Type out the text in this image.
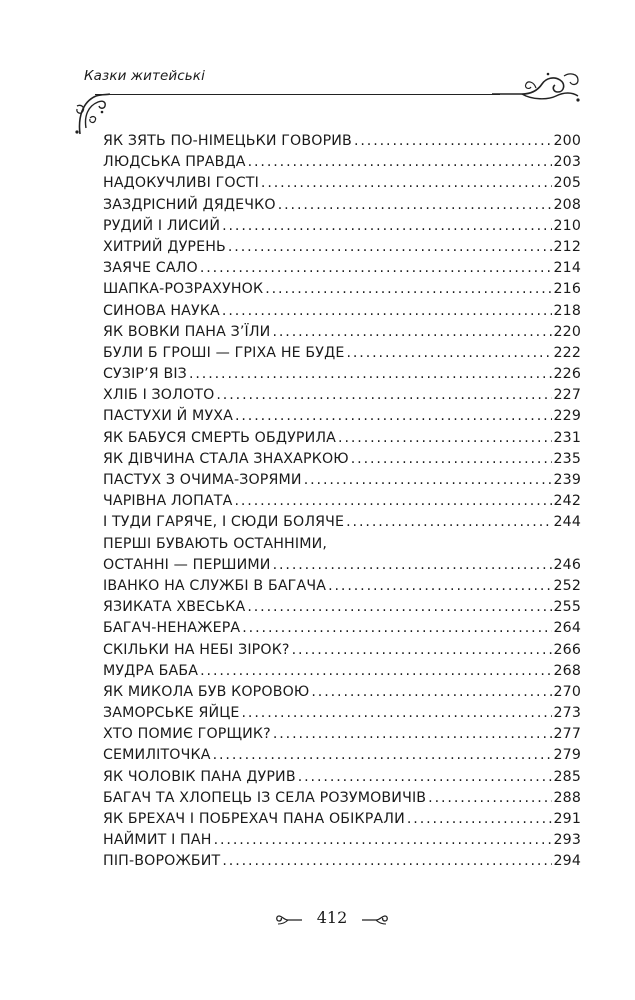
Казки житейські
ЯК ЗЯТЬ ПО-НІМЕЦЬКИ ГОВОРИВ . . .	200
ЛЮДСЬКА ПРАВДА . . .	203
НАДОКУЧЛИВІ ГОСТІ . . .	205
ЗАЗДРІСНИЙ ДЯДЕЧКО . . .	208
РУДИЙ І ЛИСИЙ . . .	210
ХИТРИЙ ДУРЕНЬ . . .	212
ЗАЯЧЕ САЛО . . .	214
ШАПКА-РОЗРАХУНОК . . .	216
СИНОВА НАУКА . . .	218
ЯК ВОВКИ ПАНА З’ЇЛИ . . .	220
БУЛИ Б ГРОШІ — ГРІХА НЕ БУДЕ . . .	222
СУЗІР’Я ВІЗ . . .	226
ХЛІБ І ЗОЛОТО . . .	227
ПАСТУХИ Й МУХА . . .	229
ЯК БАБУСЯ СМЕРТЬ ОБДУРИЛА . . .	231
ЯК ДІВЧИНА СТАЛА ЗНАХАРКОЮ . . .	235
ПАСТУХ З ОЧИМА-ЗОРЯМИ . . .	239
ЧАРІВНА ЛОПАТА . . .	242
І ТУДИ ГАРЯЧЕ, І СЮДИ БОЛЯЧЕ . . .	244
ПЕРШІ БУВАЮТЬ ОСТАННІМИ,
ОСТАННІ — ПЕРШИМИ . . .	246
ІВАНКО НА СЛУЖБІ В БАГАЧА . . .	252
ЯЗИКАТА ХВЕСЬКА . . .	255
БАГАЧ-НЕНАЖЕРА . . .	264
СКІЛЬКИ НА НЕБІ ЗІРОК? . . .	266
МУДРА БАБА . . .	268
ЯК МИКОЛА БУВ КОРОВОЮ . . .	270
ЗАМОРСЬКЕ ЯЙЦЕ . . .	273
ХТО ПОМИЄ ГОРЩИК? . . .	277
СЕМИЛІТОЧКА . . .	279
ЯК ЧОЛОВІК ПАНА ДУРИВ . . .	285
БАГАЧ ТА ХЛОПЕЦЬ ІЗ СЕЛА РОЗУМОВИЧІВ . . .	288
ЯК БРЕХАЧ І ПОБРЕХАЧ ПАНА ОБІКРАЛИ . . .	291
НАЙМИТ І ПАН . . .	293
ПІП-ВОРОЖБИТ . . .	294
412
